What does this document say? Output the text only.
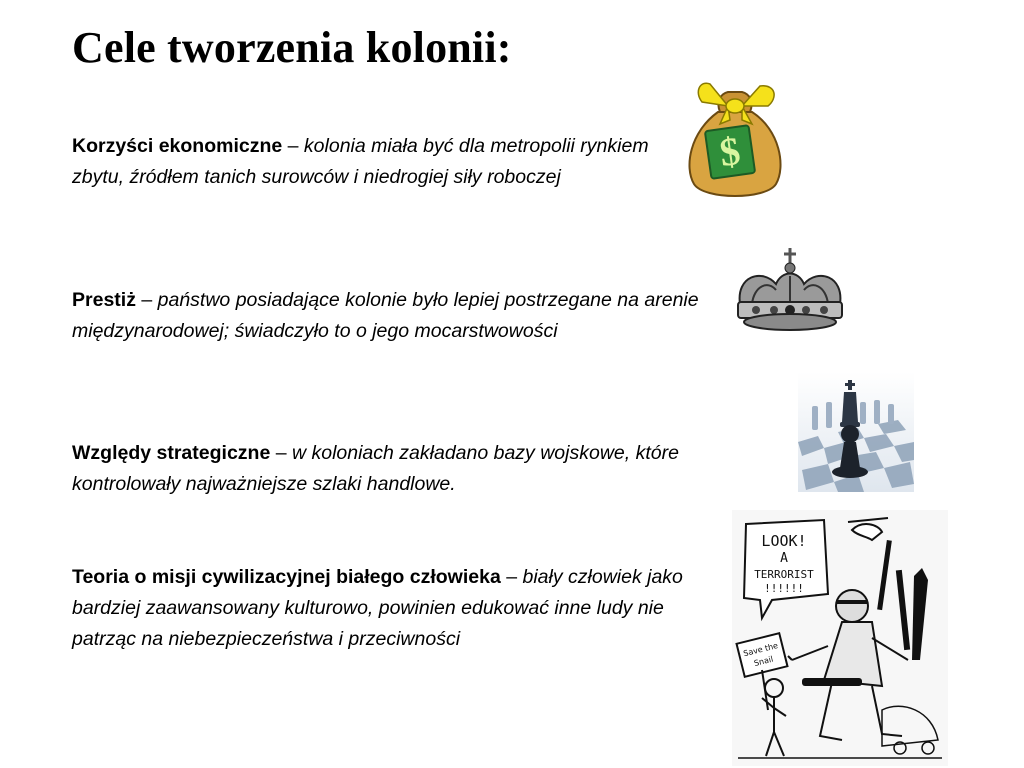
Cele tworzenia kolonii:

Korzyści ekonomiczne – kolonia miała być dla metropolii rynkiem zbytu, źródłem tanich surowców i niedrogiej siły roboczej

Prestiż – państwo posiadające kolonie było lepiej postrzegane na arenie międzynarodowej; świadczyło to o jego mocarstwowości

Względy strategiczne – w koloniach zakładano bazy wojskowe, które kontrolowały najważniejsze szlaki handlowe.

Teoria o misji cywilizacyjnej białego człowieka – biały człowiek jako bardziej zaawansowany kulturowo, powinien edukować inne ludy nie patrząc na niebezpieczeństwa i przeciwności

$
LOOK!
A
TERRORIST
!!!!!!
Save the
Snail
